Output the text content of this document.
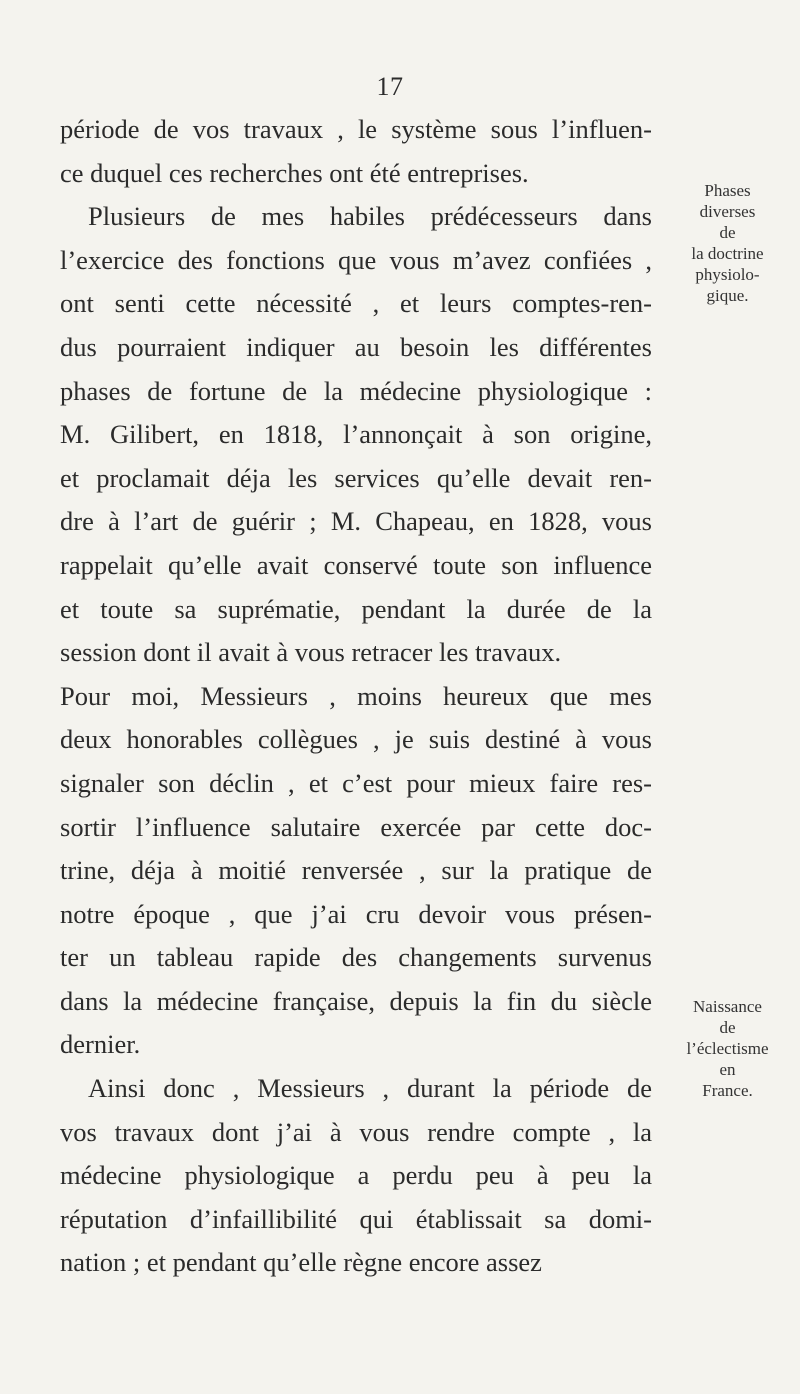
17
période de vos travaux , le système sous l’influen-
ce duquel ces recherches ont été entreprises.
Plusieurs de mes habiles prédécesseurs dans
l’exercice des fonctions que vous m’avez confiées ,
ont senti cette nécessité , et leurs comptes-ren-
dus pourraient indiquer au besoin les différentes
phases de fortune de la médecine physiologique :
M. Gilibert, en 1818, l’annonçait à son origine,
et proclamait déja les services qu’elle devait ren-
dre à l’art de guérir ; M. Chapeau, en 1828, vous
rappelait qu’elle avait conservé toute son influence
et toute sa suprématie, pendant la durée de la
session dont il avait à vous retracer les travaux.
Pour moi, Messieurs , moins heureux que mes
deux honorables collègues , je suis destiné à vous
signaler son déclin , et c’est pour mieux faire res-
sortir l’influence salutaire exercée par cette doc-
trine, déja à moitié renversée , sur la pratique de
notre époque , que j’ai cru devoir vous présen-
ter un tableau rapide des changements survenus
dans la médecine française, depuis la fin du siècle
dernier.
Ainsi donc , Messieurs , durant la période de
vos travaux dont j’ai à vous rendre compte , la
médecine physiologique a perdu peu à peu la
réputation d’infaillibilité qui établissait sa domi-
nation ; et pendant qu’elle règne encore assez
Phases
diverses
de
la doctrine
physiolo-
gique.
Naissance
de
l’éclectisme
en
France.
